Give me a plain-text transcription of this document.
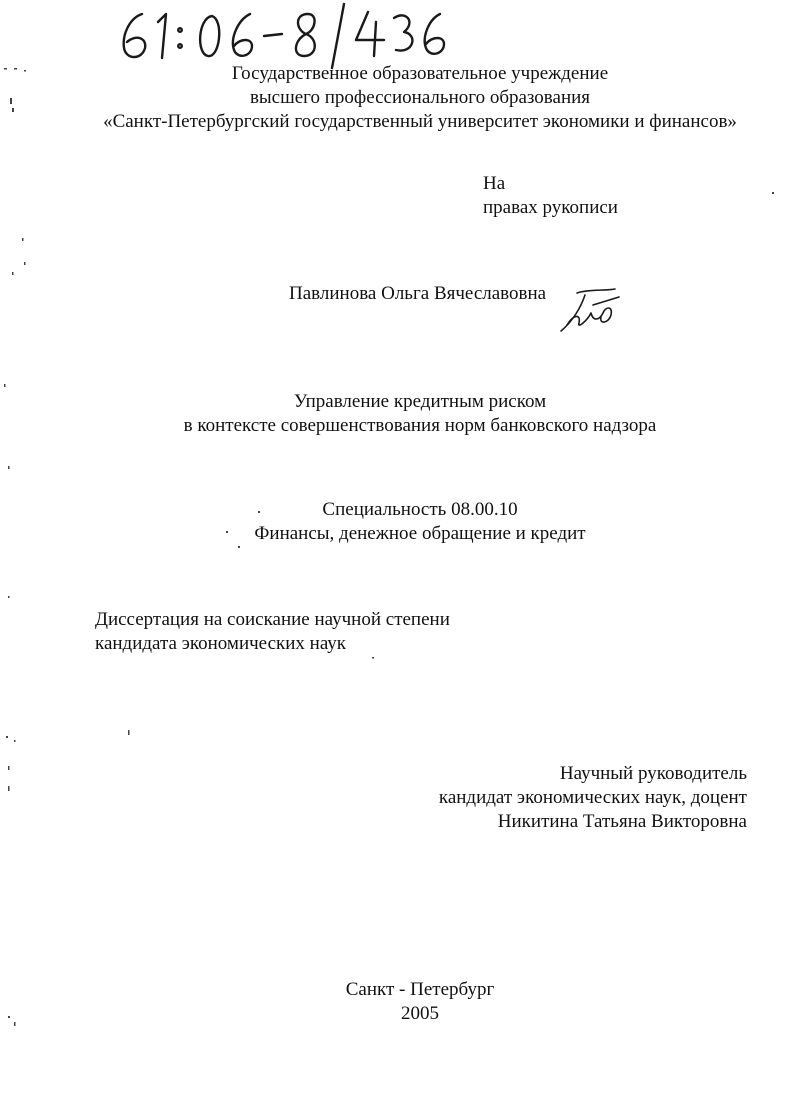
Государственное образовательное учреждение
высшего профессионального образования
«Санкт-Петербургский государственный университет экономики и финансов»
На
правах рукописи
Павлинова Ольга Вячеславовна
Управление кредитным риском
в контексте совершенствования норм банковского надзора
Специальность 08.00.10
Финансы, денежное обращение и кредит
Диссертация на соискание научной степени
кандидата экономических наук
Научный руководитель
кандидат экономических наук, доцент
Никитина Татьяна Викторовна
Санкт - Петербург
2005
